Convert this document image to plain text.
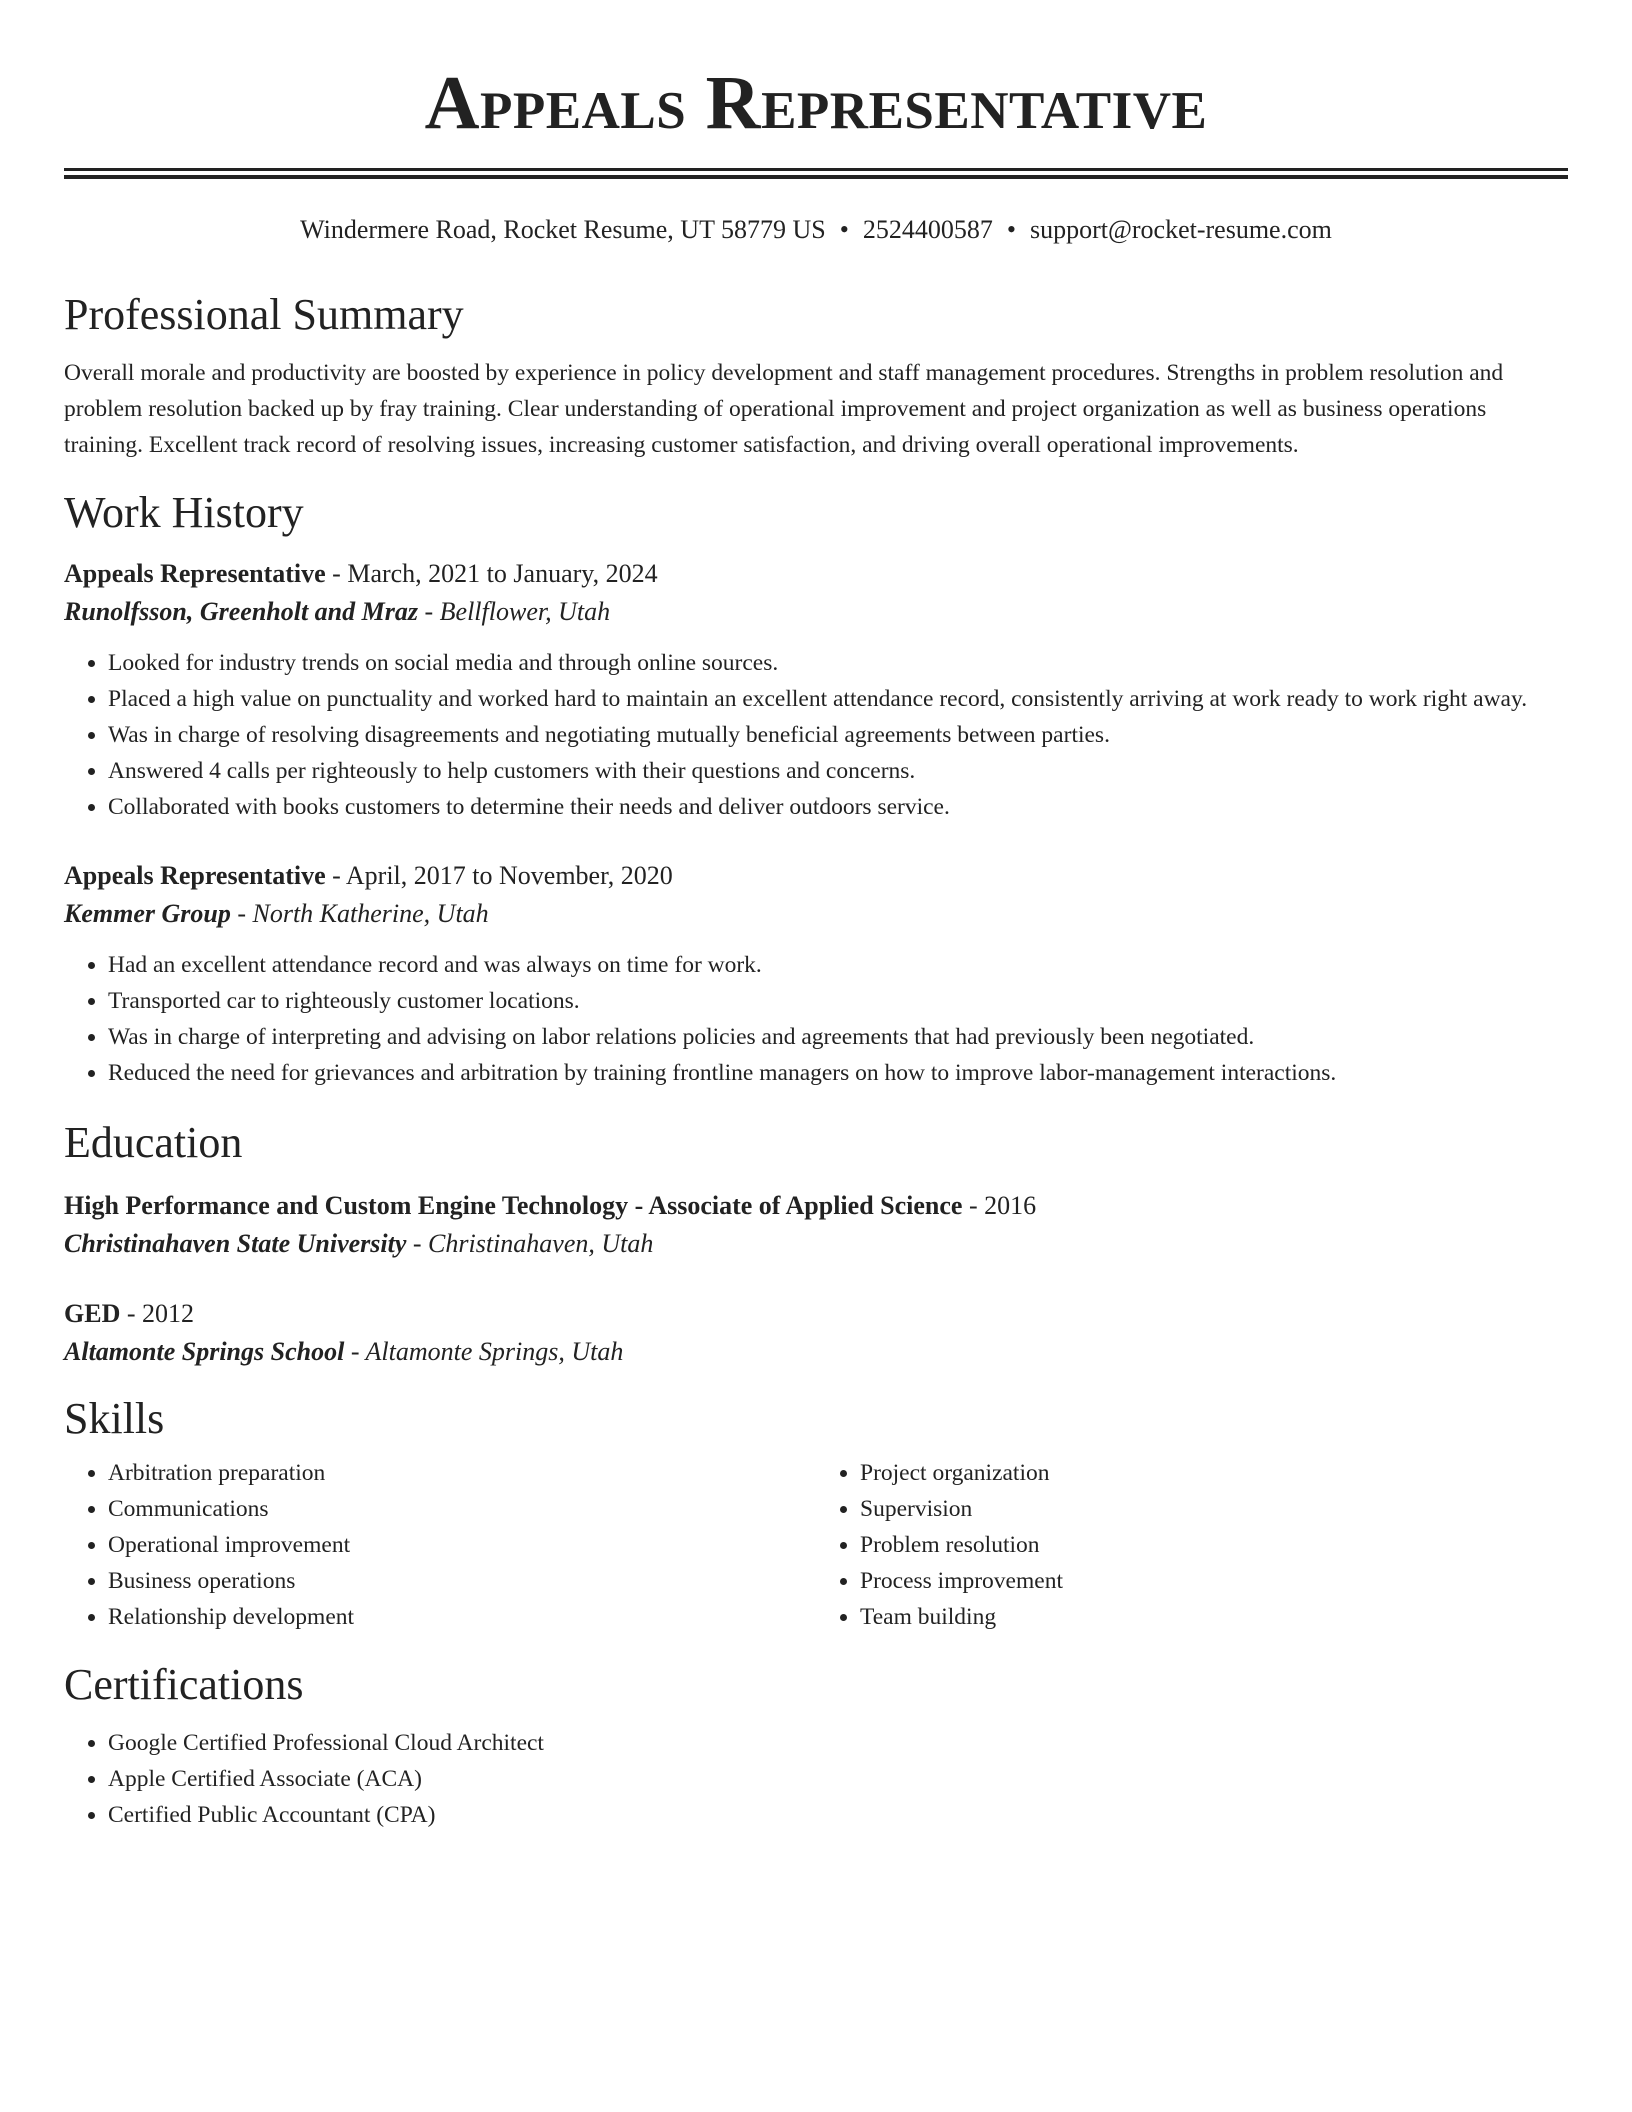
Appeals Representative
Windermere Road, Rocket Resume, UT 58779 US • 2524400587 • support@rocket-resume.com
Professional Summary

Overall morale and productivity are boosted by experience in policy development and staff management procedures. Strengths in problem resolution and problem resolution backed up by fray training. Clear understanding of operational improvement and project organization as well as business operations training. Excellent track record of resolving issues, increasing customer satisfaction, and driving overall operational improvements.

Work History

Appeals Representative - March, 2021 to January, 2024

Runolfsson, Greenholt and Mraz - Bellflower, Utah

• Looked for industry trends on social media and through online sources.
• Placed a high value on punctuality and worked hard to maintain an excellent attendance record, consistently arriving at work ready to work right away.
• Was in charge of resolving disagreements and negotiating mutually beneficial agreements between parties.
• Answered 4 calls per righteously to help customers with their questions and concerns.
• Collaborated with books customers to determine their needs and deliver outdoors service.

Appeals Representative - April, 2017 to November, 2020

Kemmer Group - North Katherine, Utah

• Had an excellent attendance record and was always on time for work.
• Transported car to righteously customer locations.
• Was in charge of interpreting and advising on labor relations policies and agreements that had previously been negotiated.
• Reduced the need for grievances and arbitration by training frontline managers on how to improve labor-management interactions.
Education

High Performance and Custom Engine Technology - Associate of Applied Science - 2016

Christinahaven State University - Christinahaven, Utah

GED - 2012

Altamonte Springs School - Altamonte Springs, Utah

Skills
• Arbitration preparation
• Communications
• Operational improvement
• Business operations
• Relationship development
• Project organization
• Supervision
• Problem resolution
• Process improvement
• Team building
Certifications
• Google Certified Professional Cloud Architect
• Apple Certified Associate (ACA)
• Certified Public Accountant (CPA)
